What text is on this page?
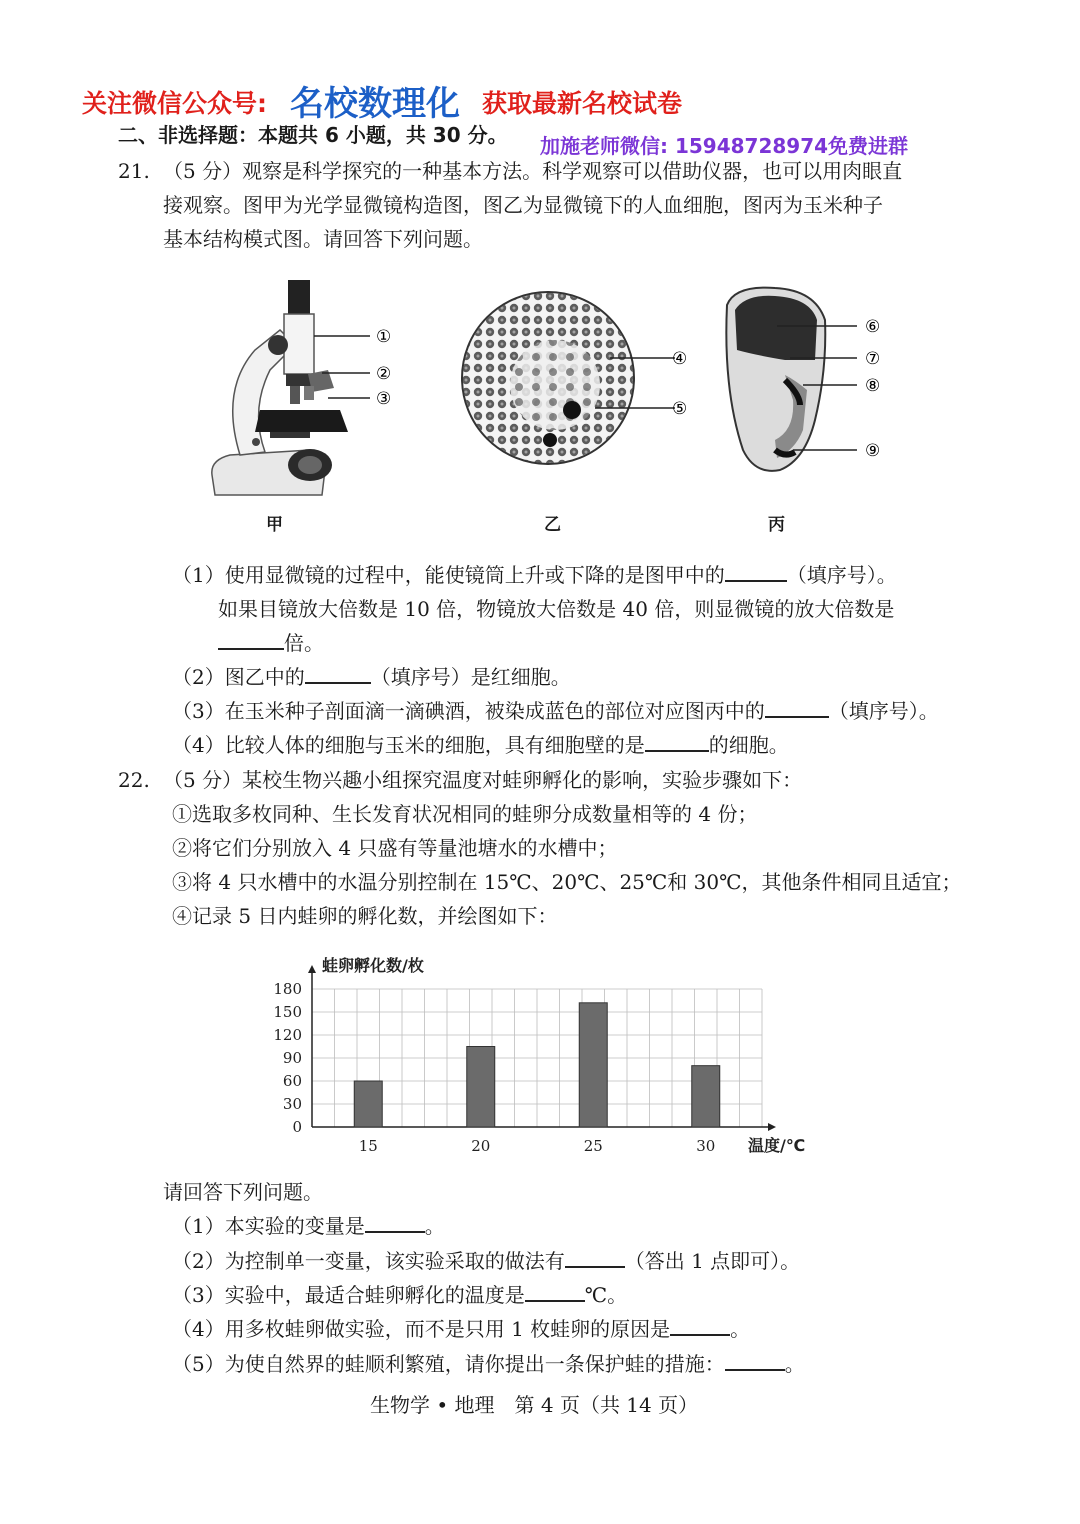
关注微信公众号: 名校数理化 获取最新名校试卷
加施老师微信: 15948728974免费进群
二、非选择题：本题共 6 小题，共 30 分。
21. （5 分）观察是科学探究的一种基本方法。科学观察可以借助仪器，也可以用肉眼直
接观察。图甲为光学显微镜构造图，图乙为显微镜下的人血细胞，图丙为玉米种子
基本结构模式图。请回答下列问题。
①
②
③
④
⑤
⑥
⑦
⑧
⑨
甲	乙	丙
（1）使用显微镜的过程中，能使镜筒上升或下降的是图甲中的	（填序号）。
如果目镜放大倍数是 10 倍，物镜放大倍数是 40 倍，则显微镜的放大倍数是
倍。
（2）图乙中的	（填序号）是红细胞。
（3）在玉米种子剖面滴一滴碘酒，被染成蓝色的部位对应图丙中的	（填序号）。
（4）比较人体的细胞与玉米的细胞，具有细胞壁的是	的细胞。
22. （5 分）某校生物兴趣小组探究温度对蛙卵孵化的影响，实验步骤如下：
①选取多枚同种、生长发育状况相同的蛙卵分成数量相等的 4 份；
②将它们分别放入 4 只盛有等量池塘水的水槽中；
③将 4 只水槽中的水温分别控制在 15℃、20℃、25℃和 30℃，其他条件相同且适宜；
④记录 5 日内蛙卵的孵化数，并绘图如下：
0
30
60
90
120
150
180
15	20	25	30
蛙卵孵化数/枚
温度/℃
请回答下列问题。
（1）本实验的变量是	。
（2）为控制单一变量，该实验采取的做法有	（答出 1 点即可）。
（3）实验中，最适合蛙卵孵化的温度是	℃。
（4）用多枚蛙卵做实验，而不是只用 1 枚蛙卵的原因是	。
（5）为使自然界的蛙顺利繁殖，请你提出一条保护蛙的措施：	。
生物学 • 地理　第 4 页（共 14 页）
